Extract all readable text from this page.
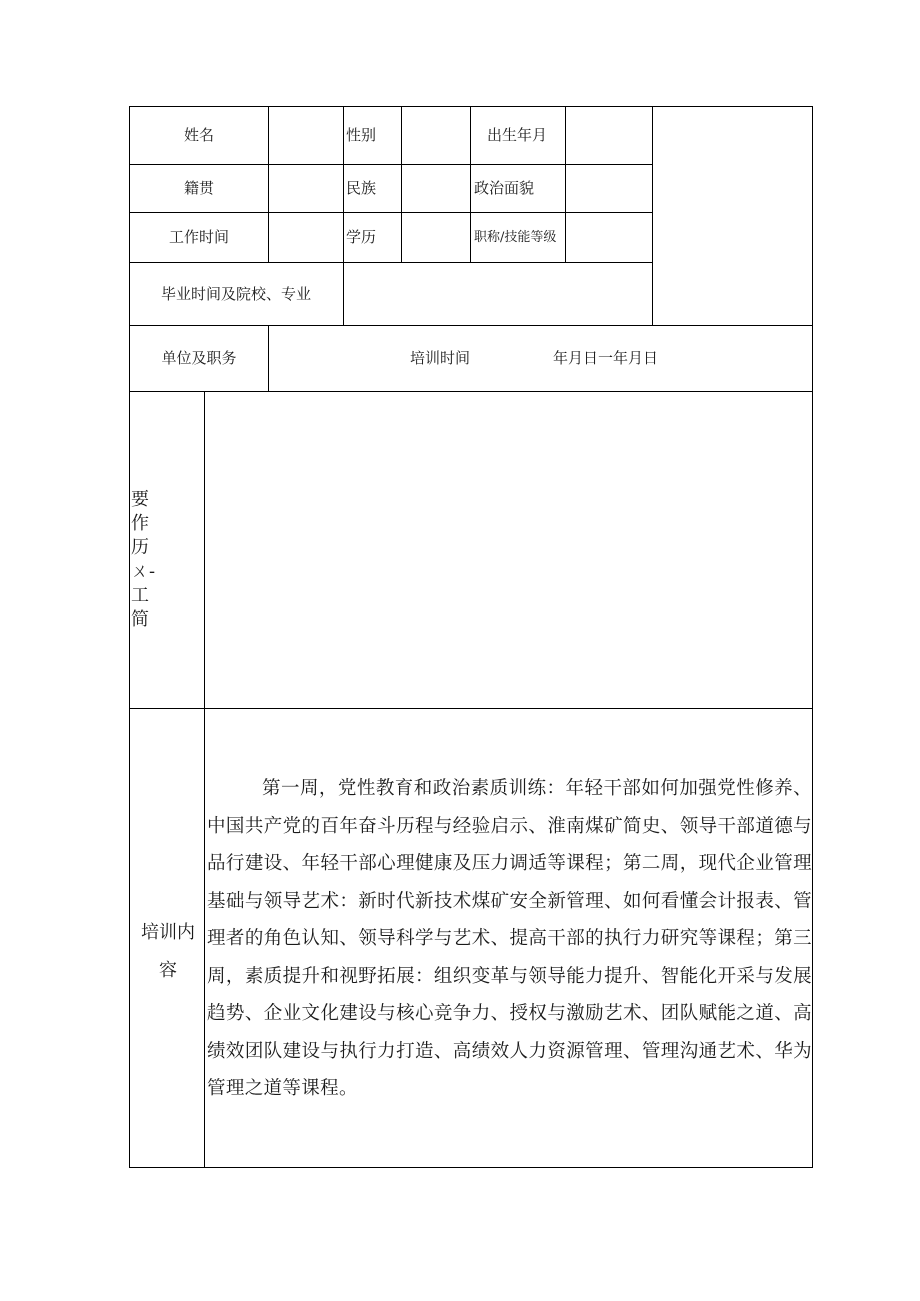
姓名	性别	出生年月
籍贯	民族	政治面貌
工作时间	学历	职称/技能等级
毕业时间及院校、专业
单位及职务	培训时间	年月日一年月日
要作历ㄨ-工简
培训内容
第一周，党性教育和政治素质训练：年轻干部如何加强党性修养、中国共产党的百年奋斗历程与经验启示、淮南煤矿简史、领导干部道德与品行建设、年轻干部心理健康及压力调适等课程；第二周，现代企业管理基础与领导艺术：新时代新技术煤矿安全新管理、如何看懂会计报表、管理者的角色认知、领导科学与艺术、提高干部的执行力研究等课程；第三周，素质提升和视野拓展：组织变革与领导能力提升、智能化开采与发展趋势、企业文化建设与核心竞争力、授权与激励艺术、团队赋能之道、高绩效团队建设与执行力打造、高绩效人力资源管理、管理沟通艺术、华为管理之道等课程。
